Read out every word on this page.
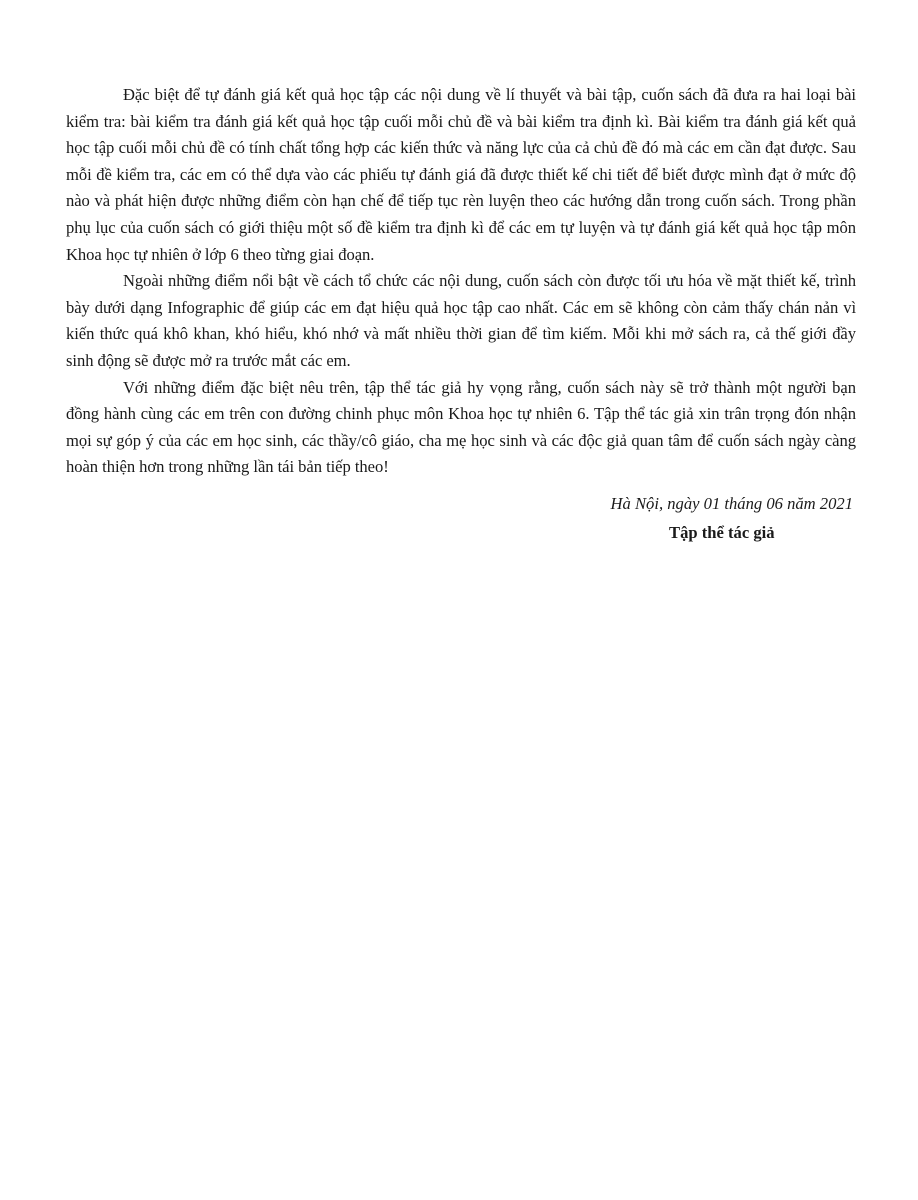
Đặc biệt để tự đánh giá kết quả học tập các nội dung về lí thuyết và bài tập, cuốn sách đã đưa ra hai loại bài kiểm tra: bài kiểm tra đánh giá kết quả học tập cuối mỗi chủ đề và bài kiểm tra định kì. Bài kiểm tra đánh giá kết quả học tập cuối mỗi chủ đề có tính chất tổng hợp các kiến thức và năng lực của cả chủ đề đó mà các em cần đạt được. Sau mỗi đề kiểm tra, các em có thể dựa vào các phiếu tự đánh giá đã được thiết kế chi tiết để biết được mình đạt ở mức độ nào và phát hiện được những điểm còn hạn chế để tiếp tục rèn luyện theo các hướng dẫn trong cuốn sách. Trong phần phụ lục của cuốn sách có giới thiệu một số đề kiểm tra định kì để các em tự luyện và tự đánh giá kết quả học tập môn Khoa học tự nhiên ở lớp 6 theo từng giai đoạn.

Ngoài những điểm nổi bật về cách tổ chức các nội dung, cuốn sách còn được tối ưu hóa về mặt thiết kế, trình bày dưới dạng Infographic để giúp các em đạt hiệu quả học tập cao nhất. Các em sẽ không còn cảm thấy chán nản vì kiến thức quá khô khan, khó hiểu, khó nhớ và mất nhiều thời gian để tìm kiếm. Mỗi khi mở sách ra, cả thế giới đầy sinh động sẽ được mở ra trước mắt các em.

Với những điểm đặc biệt nêu trên, tập thể tác giả hy vọng rằng, cuốn sách này sẽ trở thành một người bạn đồng hành cùng các em trên con đường chinh phục môn Khoa học tự nhiên 6. Tập thể tác giả xin trân trọng đón nhận mọi sự góp ý của các em học sinh, các thầy/cô giáo, cha mẹ học sinh và các độc giả quan tâm để cuốn sách ngày càng hoàn thiện hơn trong những lần tái bản tiếp theo!

Hà Nội, ngày 01 tháng 06 năm 2021

Tập thể tác giả
